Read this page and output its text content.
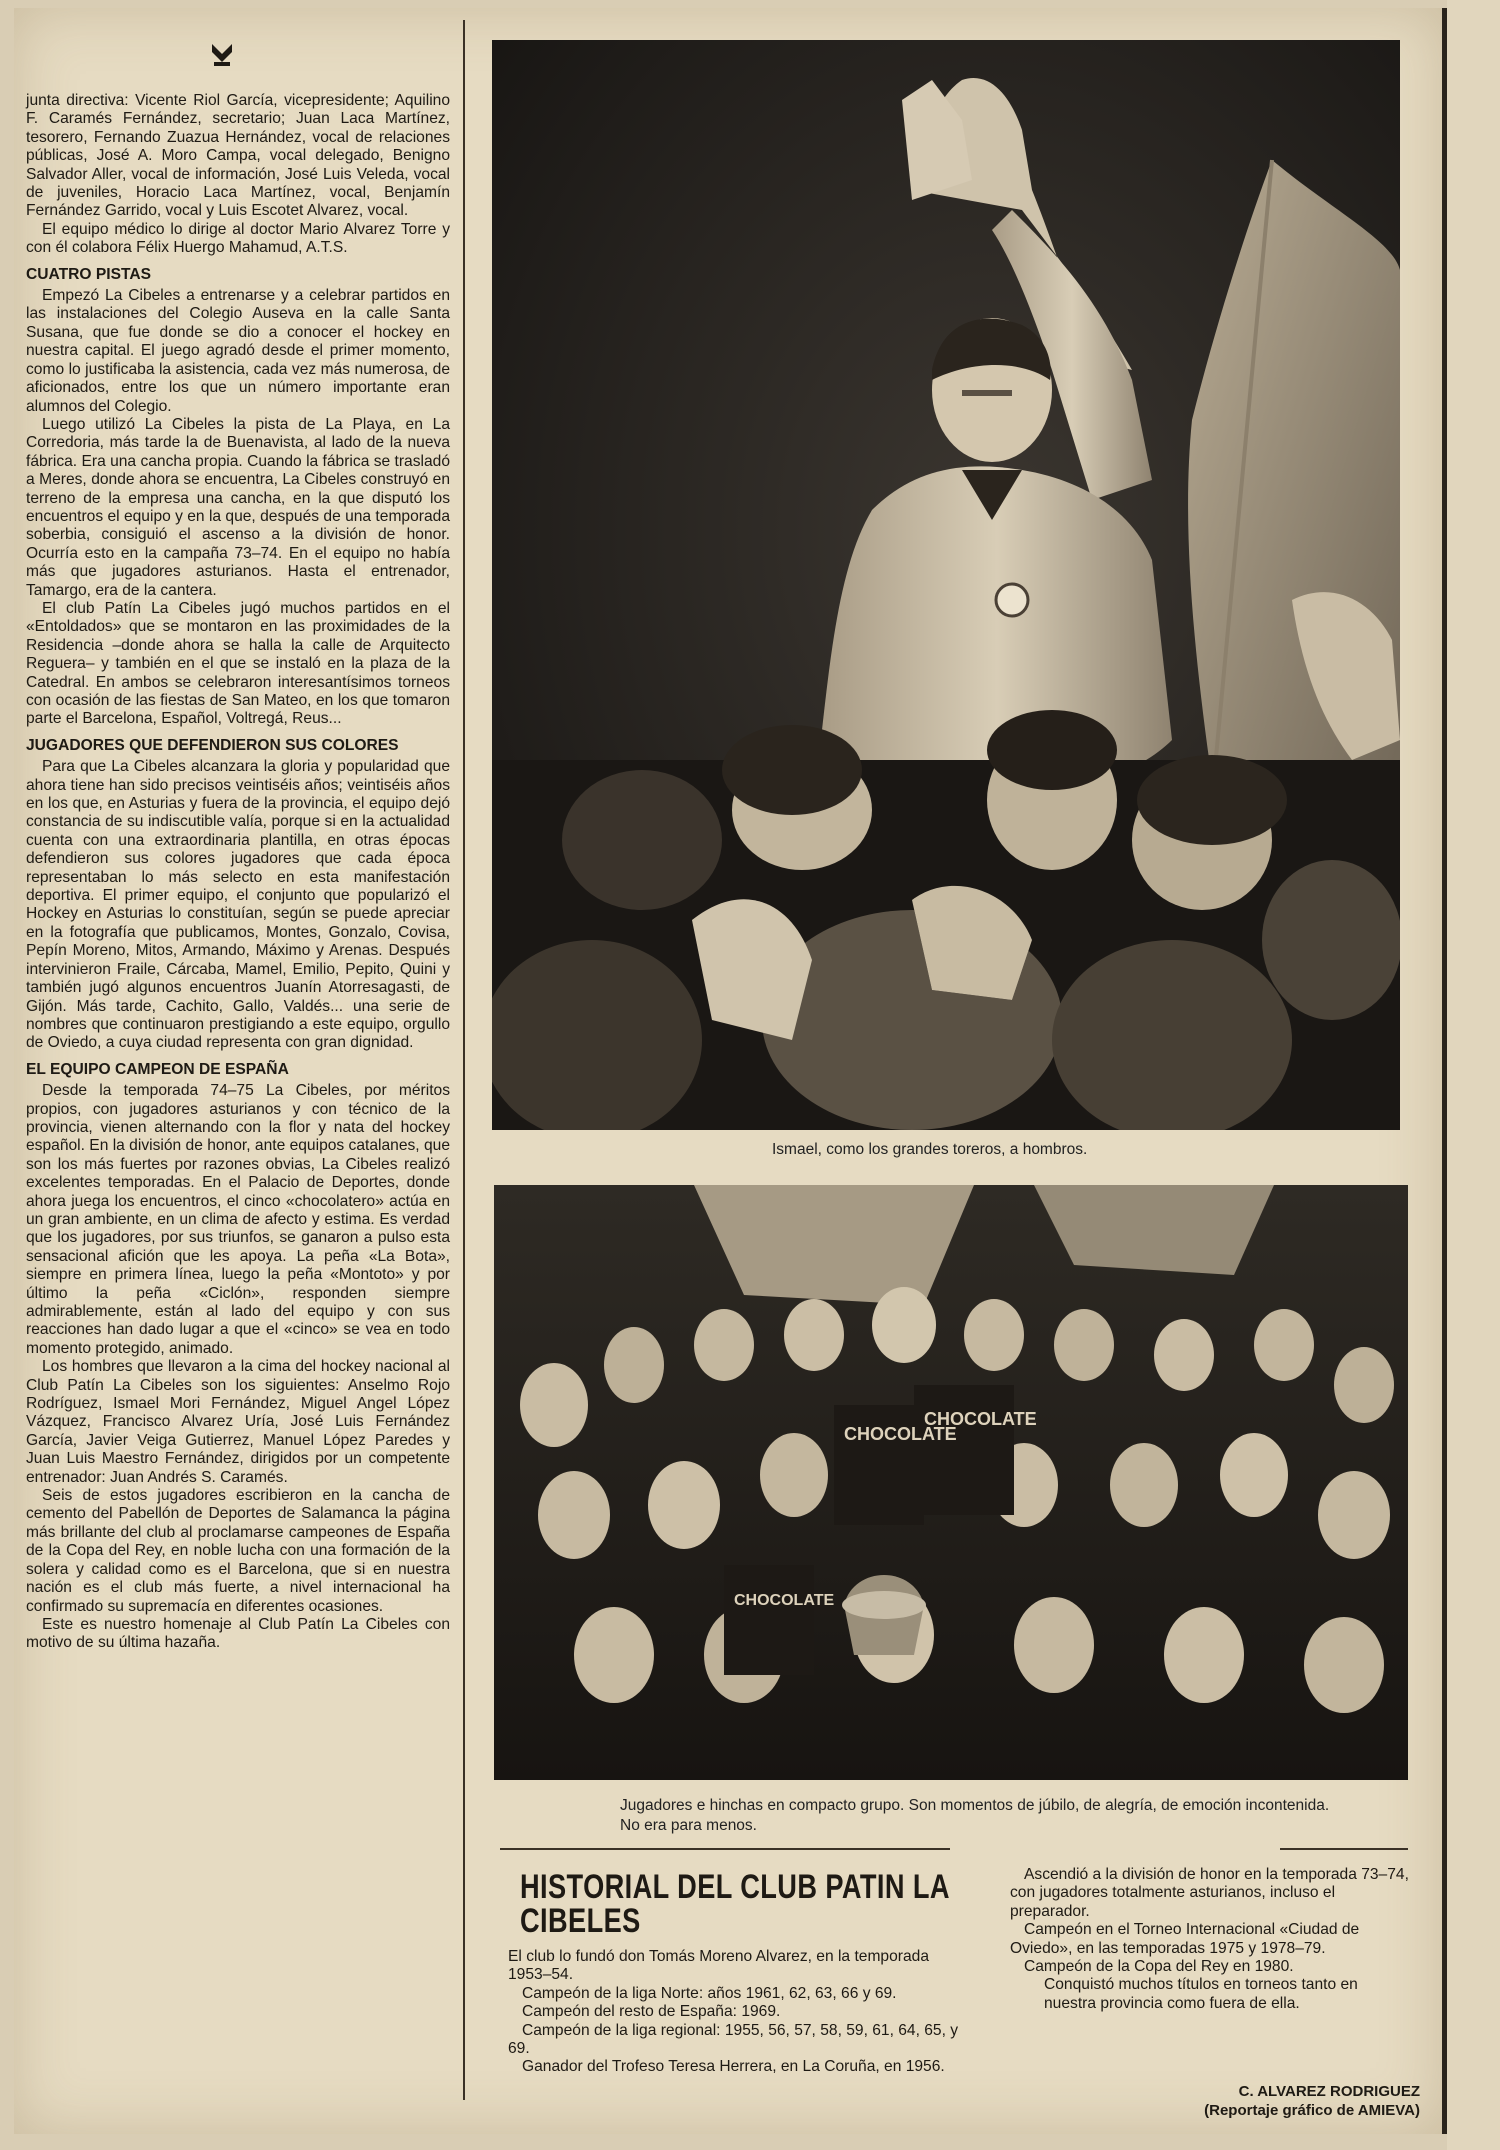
junta directiva: Vicente Riol García, vicepresidente; Aquilino F. Caramés Fernández, secretario; Juan Laca Martínez, tesorero, Fernando Zuazua Hernández, vocal de relaciones públicas, José A. Moro Campa, vocal delegado, Benigno Salvador Aller, vocal de información, José Luis Veleda, vocal de juveniles, Horacio Laca Martínez, vocal, Benjamín Fernández Garrido, vocal y Luis Escotet Alvarez, vocal.

El equipo médico lo dirige al doctor Mario Alvarez Torre y con él colabora Félix Huergo Mahamud, A.T.S.

CUATRO PISTAS

Empezó La Cibeles a entrenarse y a celebrar partidos en las instalaciones del Colegio Auseva en la calle Santa Susana, que fue donde se dio a conocer el hockey en nuestra capital. El juego agradó desde el primer momento, como lo justificaba la asistencia, cada vez más numerosa, de aficionados, entre los que un número importante eran alumnos del Colegio.

Luego utilizó La Cibeles la pista de La Playa, en La Corredoria, más tarde la de Buenavista, al lado de la nueva fábrica. Era una cancha propia. Cuando la fábrica se trasladó a Meres, donde ahora se encuentra, La Cibeles construyó en terreno de la empresa una cancha, en la que disputó los encuentros el equipo y en la que, después de una temporada soberbia, consiguió el ascenso a la división de honor. Ocurría esto en la campaña 73–74. En el equipo no había más que jugadores asturianos. Hasta el entrenador, Tamargo, era de la cantera.

El club Patín La Cibeles jugó muchos partidos en el «Entoldados» que se montaron en las proximidades de la Residencia –donde ahora se halla la calle de Arquitecto Reguera– y también en el que se instaló en la plaza de la Catedral. En ambos se celebraron interesantísimos torneos con ocasión de las fiestas de San Mateo, en los que tomaron parte el Barcelona, Español, Voltregá, Reus...

JUGADORES QUE DEFENDIERON SUS COLORES

Para que La Cibeles alcanzara la gloria y popularidad que ahora tiene han sido precisos veintiséis años; veintiséis años en los que, en Asturias y fuera de la provincia, el equipo dejó constancia de su indiscutible valía, porque si en la actualidad cuenta con una extraordinaria plantilla, en otras épocas defendieron sus colores jugadores que cada época representaban lo más selecto en esta manifestación deportiva. El primer equipo, el conjunto que popularizó el Hockey en Asturias lo constituían, según se puede apreciar en la fotografía que publicamos, Montes, Gonzalo, Covisa, Pepín Moreno, Mitos, Armando, Máximo y Arenas. Después intervinieron Fraile, Cárcaba, Mamel, Emilio, Pepito, Quini y también jugó algunos encuentros Juanín Atorresagasti, de Gijón. Más tarde, Cachito, Gallo, Valdés... una serie de nombres que continuaron prestigiando a este equipo, orgullo de Oviedo, a cuya ciudad representa con gran dignidad.

EL EQUIPO CAMPEON DE ESPAÑA

Desde la temporada 74–75 La Cibeles, por méritos propios, con jugadores asturianos y con técnico de la provincia, vienen alternando con la flor y nata del hockey español. En la división de honor, ante equipos catalanes, que son los más fuertes por razones obvias, La Cibeles realizó excelentes temporadas. En el Palacio de Deportes, donde ahora juega los encuentros, el cinco «chocolatero» actúa en un gran ambiente, en un clima de afecto y estima. Es verdad que los jugadores, por sus triunfos, se ganaron a pulso esta sensacional afición que les apoya. La peña «La Bota», siempre en primera línea, luego la peña «Montoto» y por último la peña «Ciclón», responden siempre admirablemente, están al lado del equipo y con sus reacciones han dado lugar a que el «cinco» se vea en todo momento protegido, animado.

Los hombres que llevaron a la cima del hockey nacional al Club Patín La Cibeles son los siguientes: Anselmo Rojo Rodríguez, Ismael Mori Fernández, Miguel Angel López Vázquez, Francisco Alvarez Uría, José Luis Fernández García, Javier Veiga Gutierrez, Manuel López Paredes y Juan Luis Maestro Fernández, dirigidos por un competente entrenador: Juan Andrés S. Caramés.

Seis de estos jugadores escribieron en la cancha de cemento del Pabellón de Deportes de Salamanca la página más brillante del club al proclamarse campeones de España de la Copa del Rey, en noble lucha con una formación de la solera y calidad como es el Barcelona, que si en nuestra nación es el club más fuerte, a nivel internacional ha confirmado su supremacía en diferentes ocasiones.

Este es nuestro homenaje al Club Patín La Cibeles con motivo de su última hazaña.

Ismael, como los grandes toreros, a hombros.
CHOCOLATE
CHOCOLATE
CHOCOLATE
Jugadores e hinchas en compacto grupo. Son momentos de júbilo, de alegría, de emoción incontenida. No era para menos.
HISTORIAL DEL CLUB PATIN LA CIBELES

El club lo fundó don Tomás Moreno Alvarez, en la temporada 1953–54.

Campeón de la liga Norte: años 1961, 62, 63, 66 y 69.

Campeón del resto de España: 1969.

Campeón de la liga regional: 1955, 56, 57, 58, 59, 61, 64, 65, y 69.

Ganador del Trofeso Teresa Herrera, en La Coruña, en 1956.

Ascendió a la división de honor en la temporada 73–74, con jugadores totalmente asturianos, incluso el preparador.

Campeón en el Torneo Internacional «Ciudad de Oviedo», en las temporadas 1975 y 1978–79.

Campeón de la Copa del Rey en 1980.

Conquistó muchos títulos en torneos tanto en nuestra provincia como fuera de ella.

C. ALVAREZ RODRIGUEZ
(Reportaje gráfico de AMIEVA)
